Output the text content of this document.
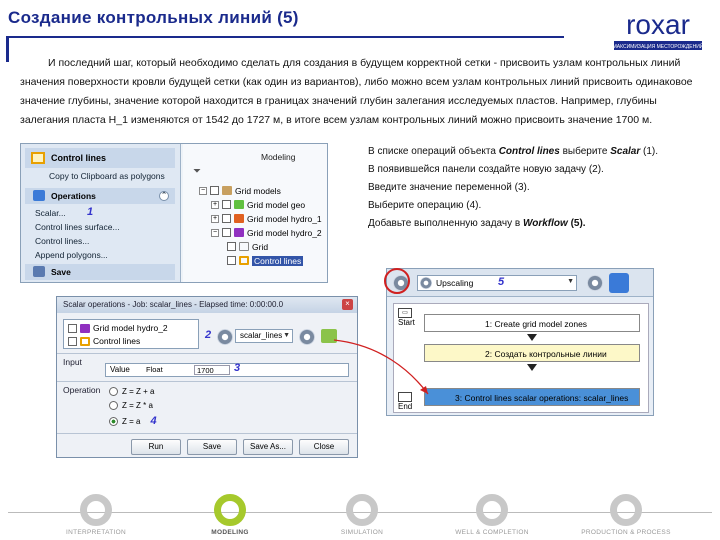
Создание контрольных линий (5)	roxar
МАКСИМИЗАЦИЯ МЕСТОРОЖДЕНИЙ

И последний шаг, который необходимо сделать для создания в будущем корректной сетки - присвоить узлам контрольных линий значения поверхности кровли будущей сетки (как один из вариантов), либо можно всем узлам контрольных линий присвоить одинаковое значение глубины, значение которой находится в границах значений глубин залегания исследуемых пластов. Например, глубины залегания пласта H_1 изменяются от 1542 до 1727 м, в итоге всем узлам контрольных линий можно присвоить значение 1700 м.

Control lines
Copy to Clipboard as polygons
Operations	⌃
Scalar... 1
Control lines surface...
Control lines...
Append polygons...
Save
Modeling
⏷
−	Grid models
+	Grid model geo
+	Grid model hydro_1
−	Grid model hydro_2
Grid
Control lines
В списке операций объекта Control lines выберите Scalar (1).
В появившейся панели создайте новую задачу (2).
Введите значение переменной (3).
Выберите операцию (4).
Добавьте выполненную задачу в Workflow (5).
Upscaling 5	▼
▭
Start	1: Create grid model zones
2: Создать контрольные линии
3: Control lines scalar operations: scalar_lines
End
Scalar operations - Job: scalar_lines - Elapsed time: 0:00:00.0	×
Grid model hydro_2
Control lines	2	scalar_lines ▼
Input
Value Float	1700	3
Operation	Z = Z + a
Z = Z * a
Z = a 4
Run	Save	Save As...	Close
INTERPRETATION	MODELING	SIMULATION	WELL & COMPLETION	PRODUCTION & PROCESS
